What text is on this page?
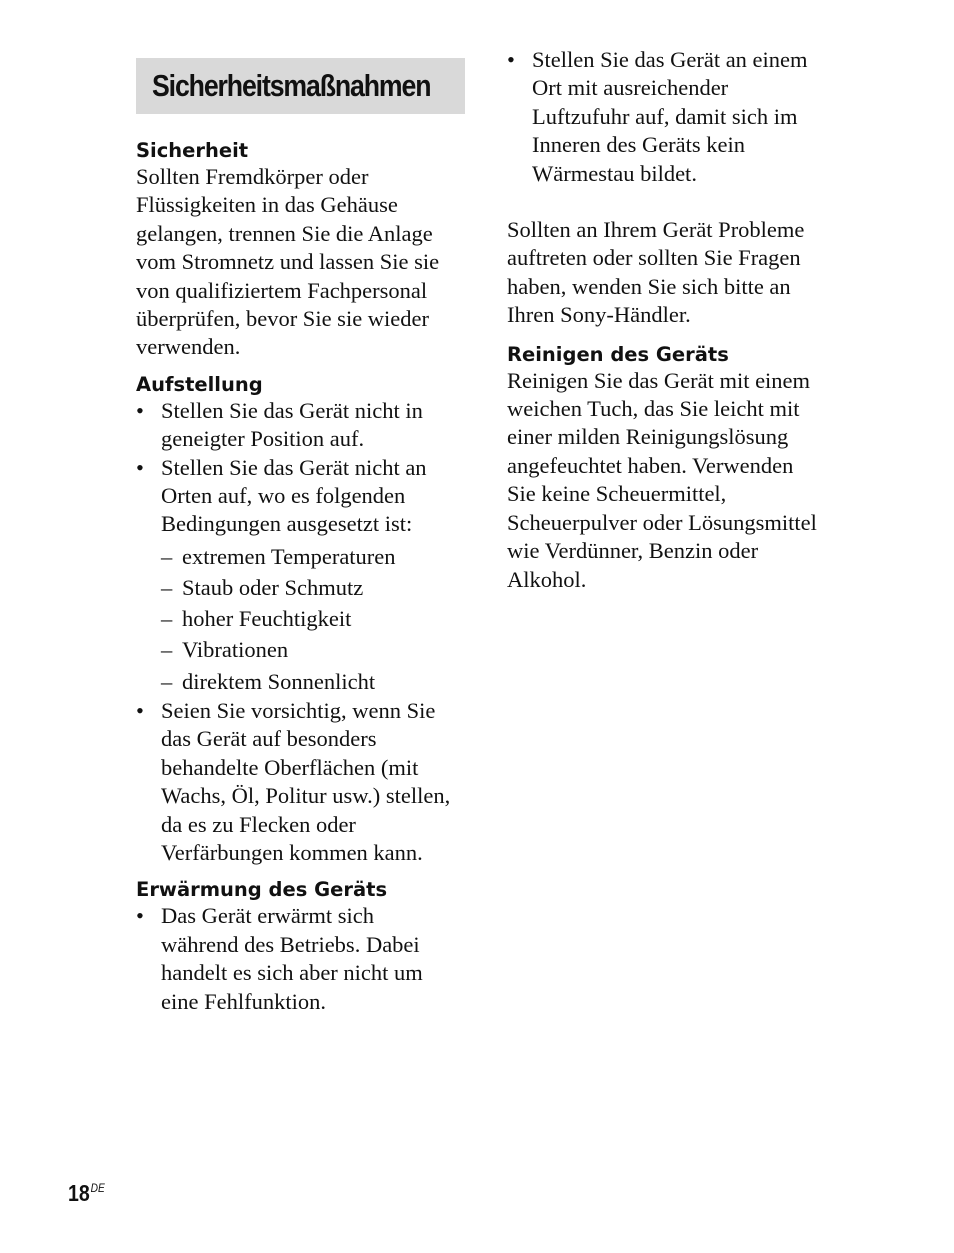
Sicherheitsmaßnahmen
Sicherheit
Sollten Fremdkörper oder
Flüssigkeiten in das Gehäuse
gelangen, trennen Sie die Anlage
vom Stromnetz und lassen Sie sie
von qualifiziertem Fachpersonal
überprüfen, bevor Sie sie wieder
verwenden.
Aufstellung
• Stellen Sie das Gerät nicht in
geneigter Position auf.
• Stellen Sie das Gerät nicht an
Orten auf, wo es folgenden
Bedingungen ausgesetzt ist:
– extremen Temperaturen
– Staub oder Schmutz
– hoher Feuchtigkeit
– Vibrationen
– direktem Sonnenlicht
• Seien Sie vorsichtig, wenn Sie
das Gerät auf besonders
behandelte Oberflächen (mit
Wachs, Öl, Politur usw.) stellen,
da es zu Flecken oder
Verfärbungen kommen kann.
Erwärmung des Geräts
• Das Gerät erwärmt sich
während des Betriebs. Dabei
handelt es sich aber nicht um
eine Fehlfunktion.
• Stellen Sie das Gerät an einem
Ort mit ausreichender
Luftzufuhr auf, damit sich im
Inneren des Geräts kein
Wärmestau bildet.
Sollten an Ihrem Gerät Probleme
auftreten oder sollten Sie Fragen
haben, wenden Sie sich bitte an
Ihren Sony-Händler.
Reinigen des Geräts
Reinigen Sie das Gerät mit einem
weichen Tuch, das Sie leicht mit
einer milden Reinigungslösung
angefeuchtet haben. Verwenden
Sie keine Scheuermittel,
Scheuerpulver oder Lösungsmittel
wie Verdünner, Benzin oder
Alkohol.
18DE
